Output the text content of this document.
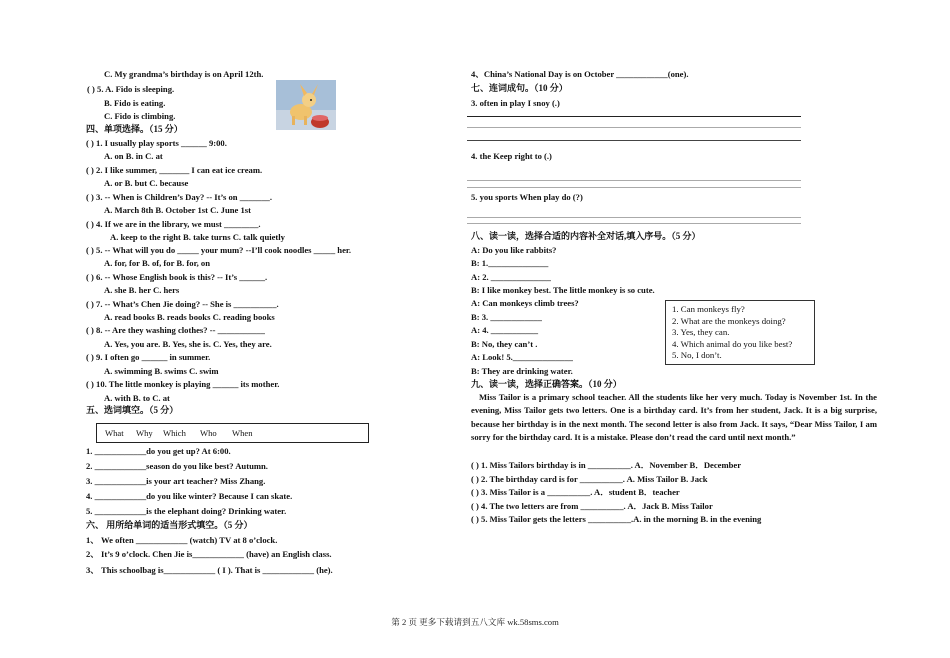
C. My grandma’s birthday is on April 12th.
( ) 5. A. Fido is sleeping.
B. Fido is eating.
C. Fido is climbing.
四、单项选择。（15 分）
( ) 1. I usually play sports ______ 9:00.
A. on B. in C. at
( ) 2. I like summer, _______ I can eat ice cream.
A. or B. but C. because
( ) 3. -- When is Children’s Day? -- It’s on _______.
A. March 8th B. October 1st C. June 1st
( ) 4. If we are in the library, we must ________.
A. keep to the right B. take turns C. talk quietly
( ) 5. -- What will you do _____ your mum? --I’ll cook noodles _____ her.
A. for, for B. of, for B. for, on
( ) 6. -- Whose English book is this? -- It’s ______.
A. she B. her C. hers
( ) 7. -- What’s Chen Jie doing? -- She is __________.
A. read books B. reads books C. reading books
( ) 8. -- Are they washing clothes? -- ___________
A. Yes, you are. B. Yes, she is. C. Yes, they are.
( ) 9. I often go ______ in summer.
A. swimming B. swims C. swim
( ) 10. The little monkey is playing ______ its mother.
A. with B. to C. at
五、选词填空。（5 分）
What Why Which Who When
1. ____________do you get up? At 6:00.
2. ____________season do you like best? Autumn.
3. ____________is your art teacher? Miss Zhang.
4. ____________do you like winter? Because I can skate.
5. ____________is the elephant doing? Drinking water.
六、 用所给单词的适当形式填空。（5 分）
1、 We often ____________ (watch) TV at 8 o’clock.
2、 It’s 9 o’clock. Chen Jie is____________ (have) an English class.
3、 This schoolbag is____________ ( I ). That is ____________ (he).
4、China’s National Day is on October ____________(one).
七、连词成句。（10 分）
3. often in play I snoy (.)
4. the Keep right to (.)
5. you sports When play do (?)
八、读一读，选择合适的内容补全对话,填入序号。（5 分）
A: Do you like rabbits?
B: 1.______________
A: 2. ______________
B: I like monkey best. The little monkey is so cute.
A: Can monkeys climb trees?
B: 3. ____________
A: 4. ___________
B: No, they can’t .
A: Look! 5.______________
B: They are drinking water.
1. Can monkeys fly?
2. What are the monkeys doing?
3. Yes, they can.
4. Which animal do you like best?
5. No, I don’t.
九、读一读，选择正确答案。（10 分）
Miss Tailor is a primary school teacher. All the students like her very much. Today is November 1st. In the evening, Miss Tailor gets two letters. One is a birthday card. It’s from her student, Jack. It is a big surprise, because her birthday is in the next month. The second letter is also from Jack. It says, “Dear Miss Tailor, I am sorry for the birthday card. It is a mistake. Please don’t read the card until next month.”
( ) 1. Miss Tailors birthday is in __________. A．November B．December
( ) 2. The birthday card is for __________. A. Miss Tailor B. Jack
( ) 3. Miss Tailor is a __________. A．student B．teacher
( ) 4. The two letters are from __________. A．Jack B. Miss Tailor
( ) 5. Miss Tailor gets the letters __________.A. in the morning B. in the evening
第 2 页 更多下载请到五八文库 wk.58sms.com
